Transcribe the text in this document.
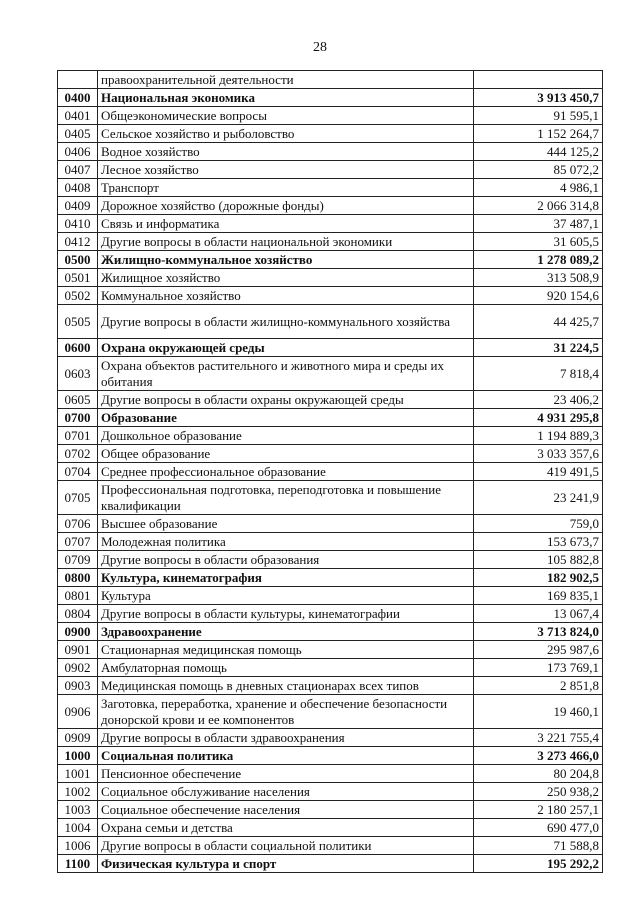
28
	правоохранительной деятельности	
0400	Национальная экономика	3 913 450,7
0401	Общеэкономические вопросы	91 595,1
0405	Сельское хозяйство и рыболовство	1 152 264,7
0406	Водное хозяйство	444 125,2
0407	Лесное хозяйство	85 072,2
0408	Транспорт	4 986,1
0409	Дорожное хозяйство (дорожные фонды)	2 066 314,8
0410	Связь и информатика	37 487,1
0412	Другие вопросы в области национальной экономики	31 605,5
0500	Жилищно-коммунальное хозяйство	1 278 089,2
0501	Жилищное хозяйство	313 508,9
0502	Коммунальное хозяйство	920 154,6
0505	Другие вопросы в области жилищно-коммунального хозяйства	44 425,7
0600	Охрана окружающей среды	31 224,5
0603	Охрана объектов растительного и животного мира и среды их обитания	7 818,4
0605	Другие вопросы в области охраны окружающей среды	23 406,2
0700	Образование	4 931 295,8
0701	Дошкольное образование	1 194 889,3
0702	Общее образование	3 033 357,6
0704	Среднее профессиональное образование	419 491,5
0705	Профессиональная подготовка, переподготовка и повышение квалификации	23 241,9
0706	Высшее образование	759,0
0707	Молодежная политика	153 673,7
0709	Другие вопросы в области образования	105 882,8
0800	Культура, кинематография	182 902,5
0801	Культура	169 835,1
0804	Другие вопросы в области культуры, кинематографии	13 067,4
0900	Здравоохранение	3 713 824,0
0901	Стационарная медицинская помощь	295 987,6
0902	Амбулаторная помощь	173 769,1
0903	Медицинская помощь в дневных стационарах всех типов	2 851,8
0906	Заготовка, переработка, хранение и обеспечение безопасности донорской крови и ее компонентов	19 460,1
0909	Другие вопросы в области здравоохранения	3 221 755,4
1000	Социальная политика	3 273 466,0
1001	Пенсионное обеспечение	80 204,8
1002	Социальное обслуживание населения	250 938,2
1003	Социальное обеспечение населения	2 180 257,1
1004	Охрана семьи и детства	690 477,0
1006	Другие вопросы в области социальной политики	71 588,8
1100	Физическая культура и спорт	195 292,2
